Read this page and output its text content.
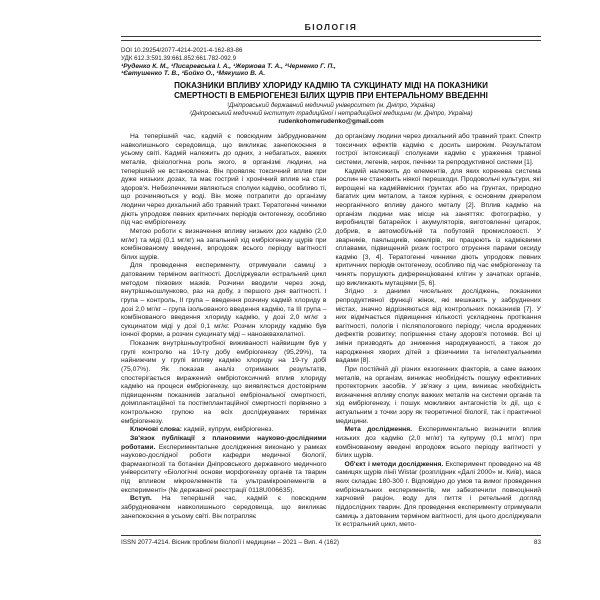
БІОЛОГІЯ
DOI 10.29254/2077-4214-2021-4-162-83-86
УДК 612.3:591.39:661.852:661.782-092.9
¹Руденко К. М., ¹Писаревська І. А., ¹Жержова Т. А., ²Черненко Г. П.,
¹Євтушенко Т. В., ¹Бойко О., ¹Мякушко В. А.
ПОКАЗНИКИ ВПЛИВУ ХЛОРИДУ КАДМІЮ ТА СУКЦИНАТУ МІДІ НА ПОКАЗНИКИ
СМЕРТНОСТІ В ЕМБРІОГЕНЕЗІ БІЛИХ ЩУРІВ ПРИ ЕНТЕРАЛЬНОМУ ВВЕДЕННІ
¹Дніпровський державний медичний університет (м. Дніпро, Україна)
²Дніпровський медичний інститут традиційної і нетрадиційної медицини (м. Дніпро, Україна)
rudenkohomerudenko@gmail.com

На теперішній час, кадмій є повсюдним забруднювачем навколишнього середовища, що викликає занепокоєння в усьому світі. Кадмій належить до одних, з небагатьох, важких металів, фізіологічна роль якого, в організмі людини, на теперішній не встановлена. Він проявляє токсичний вплив при дуже низьких дозах, та має гострий і хронічний вплив на стан здоров'я. Небезпечними являються сполуки кадмію, особливо ті, що розчиняються у воді. Він може потрапити до організму людини через дихальний або травний тракт. Тератогенні чинники діють упродовж певних критичних періодів онтогенезу, особливо під час ембріогенезу.

Метою роботи є визначення впливу низьких доз кадмію (2,0 мг/кг) та міді (0,1 мг/кг) на загальний хід ембріогенезу щурів при комбінованому введенні, впродовж всього періоду вагітності білих щурів.

Для проведення експерименту, отримували самиці з датованим терміном вагітності. Досліджували естральний цикл методом піхвових мазків. Розчини вводили через зонд, внутрішньошлунково, раз на добу, з першого дня вагітності. І група – контроль, ІІ група – введення розчину кадмій хлориду в дозі 2,0 мг/кг – група ізольованого введення кадмію, та ІІІ група – комбінованого введення хлориду кадмію, у дозі 2,0 мг/кг з сукцинатом міді у дозі 0,1 мг/кг. Розчин хлориду кадмію був іонної форми, а розчин сукцинату міді – наноаквахелатної.

Показник внутрішньоутробної виживаності найвищим був у групі контролю на 19-ту добу ембріогенезу (95,29%), та найнижчим у групі впливу кадмію хлориду на 19-ту добі (75,07%). Як показав аналіз отриманих результатів, спостерігається виражений ембріотоксичний вплив хлориду кадмію на процеси ембріогенезу, що виявляється достовірним підвищенням показників загальної ембріональної смертності, доімплантаційної та постімплантаційної смертності порівняно з контрольною групою на всіх досліджуваних термінах ембріогенезу.

Ключові слова: кадмій, купрум, ембріогенез.

Зв'язок публікації з плановими науково-дослідними роботами. Експериментальне дослідження виконано у рамках науково-дослідної роботи кафедри медичної біології, фармакогнозії та ботаніки Дніпровського державного медичного університету «Біологічні основи морфогенезу органів та тварин під впливом мікроелементів та ультрамікроелементів в експерименті» (№ державної реєстрації 0118U006635).

Вступ. На теперішній час, кадмій є повсюдним забруднювачем навколишнього середовища, що викликає занепокоєння в усьому світі. Він потрапляє

до організму людини через дихальний або травний тракт. Спектр токсичних ефектів кадмію є досить широким. Результатом гострої інтоксикації сполуками кадмію є ураження травної системи, легенів, нирок, печінки та репродуктивної системи [1].

Кадмій належить до елементів, для яких коренева система рослин не становить ніякої перешкоди. Продовольчі культури, які вирощені на кадмійвмісних ґрунтах або на ґрунтах, природно багатих цим металом, а також куріння, є основним джерелом неорганічного впливу даного металу [2]. Вплив кадмію на організм людини має місце на заняттях: фотографію, у виробництві батарейок і акумуляторів, виготовленні цигарок, добрив, в автомобільній та побутовій промисловості. У зварників, паяльщиків, ювелірів, які працюють із кадмієвими сплавами, підвищений ризик гострого отруєння парами оксиду кадмію [3, 4]. Тератогенні чинники діють упродовж певних критичних періодів онтогенезу, особливо під час ембріогенезу та чинять порушують диференціюванні клітин у зачатках органів, що викликають мутаціями [5, 6].

Згідно з даними чисельних досліджень, показники репродуктивної функції жінок, які мешкають у забруднених містах, значно відрізняються від контрольних показників [7]. У них відмічається підвищення кількості ускладнень протікання вагітності, пологів і післяпологового періоду; числа вроджених дефектів розвитку; погіршення стану здоров'я потомків. Всі ці зміни призводять до зниження народжуваності, а також до народження хворих дітей з фізичними та інтелектуальними вадами [8].

При постійній дії різних екзогенних факторів, а саме важких металів, на організм, виникає необхідність пошуку ефективних протекторних засобів. У зв'язку з цим, виникає необхідність визначення впливу сполук важких металів на системи органів та хід ембріогенезу, і пошук можливих антагоністів їх дії, що є актуальним з точки зору як теоретичної біології, так і практичної медицини.

Мета дослідження. Експериментально визначити вплив низьких доз кадмію (2,0 мг/кг) та купруму (0,1 мг/кг) при комбінованому введені впродовж всього періоду вагітності у білих щурів.

Об'єкт і методи дослідження. Експеримент проведено на 48 самицях щурів лінії Wistar (розплідник «Далі 2000» м. Київ), маса яких складає 180-300 г. Відповідно до умов та вимог проведення ембріональних експериментів, ми забезпечили повноцінний харчовий раціон, воду для пиття і ретельний догляд піддослідних тварин. Для проведення експерименту отримували самиць з датованим терміном вагітності, для цього досліджували їх естральний цикл, мето-

ISSN 2077-4214. Вісник проблем біології і медицини – 2021 – Вип. 4 (162)	83
